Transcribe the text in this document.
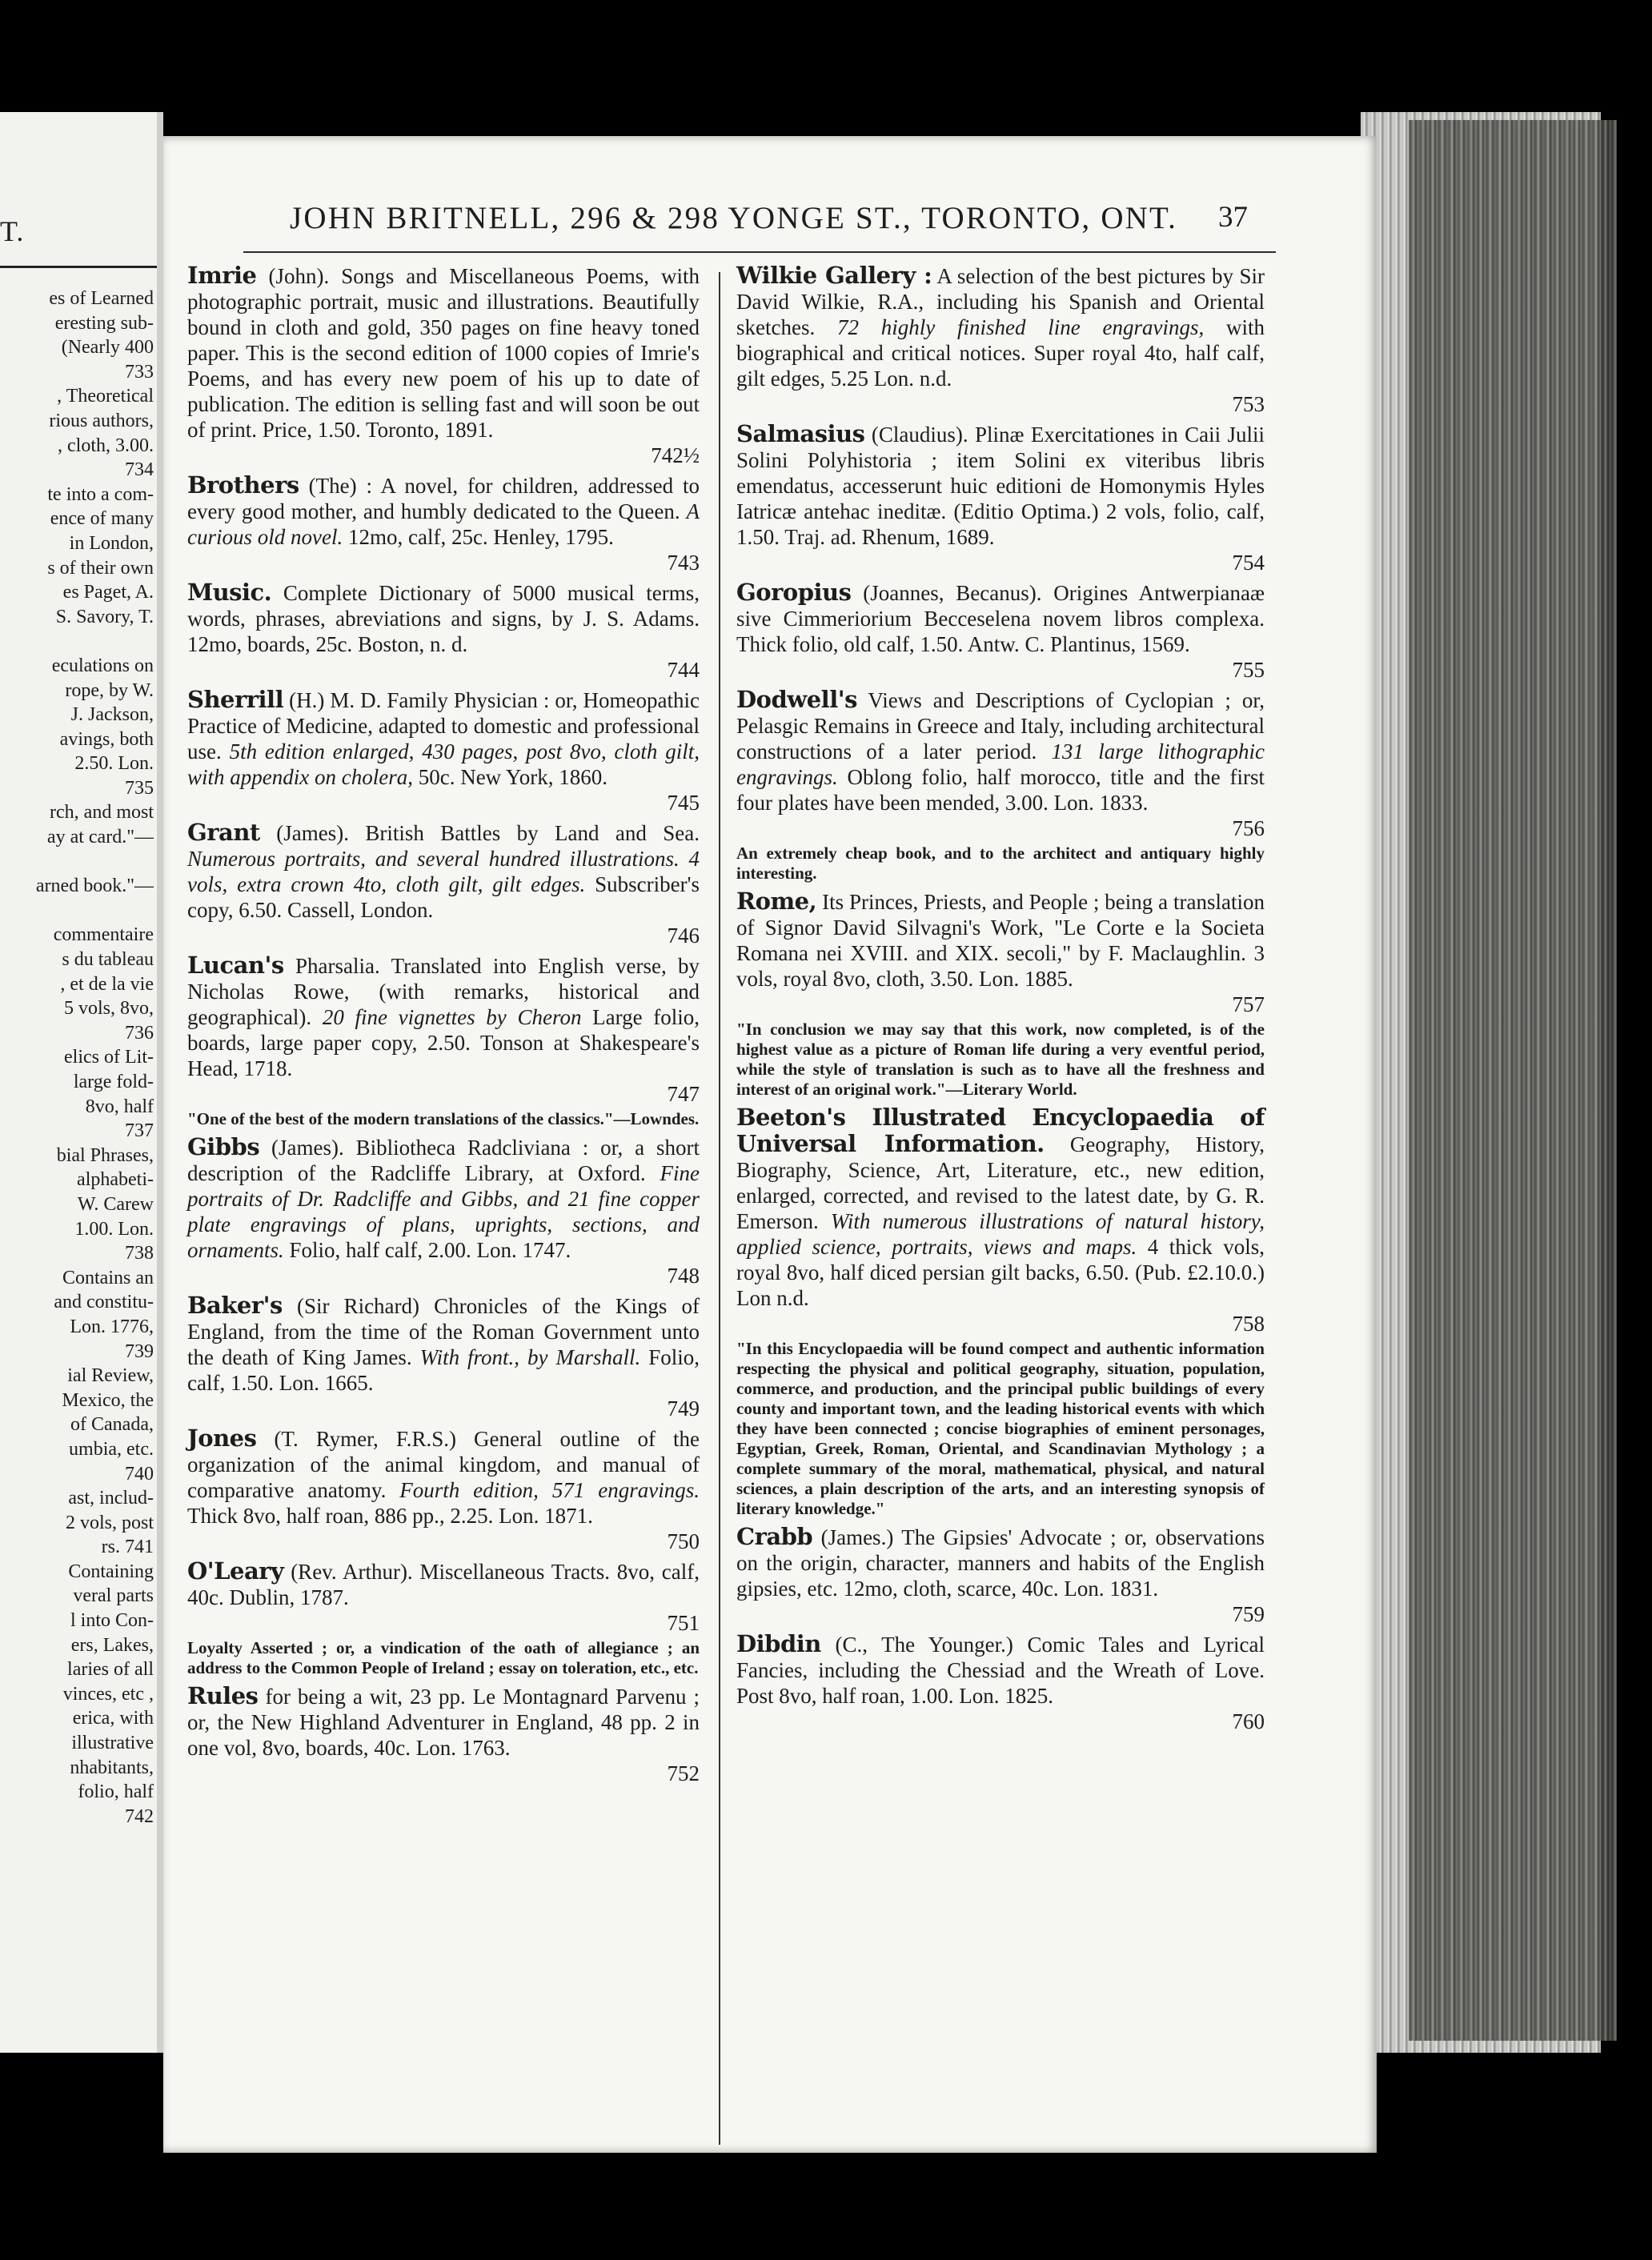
T.
es of Learned
eresting sub-
(Nearly 400
733
, Theoretical
rious authors,
, cloth, 3.00.
734
te into a com-
ence of many
in London,
s of their own
es Paget, A.
S. Savory, T.

eculations on
rope, by W.
J. Jackson,
avings, both
2.50. Lon.
735
rch, and most
ay at card."—

arned book."—

commentaire
s du tableau
, et de la vie
5 vols, 8vo,
736
elics of Lit-
large fold-
8vo, half
737
bial Phrases,
alphabeti-
W. Carew
1.00. Lon.
738
Contains an
and constitu-
Lon. 1776,
739
ial Review,
Mexico, the
of Canada,
umbia, etc.
740
ast, includ-
2 vols, post
rs. 741
Containing
veral parts
l into Con-
ers, Lakes,
laries of all
vinces, etc ,
erica, with
illustrative
nhabitants,
folio, half
742
JOHN BRITNELL, 296 & 298 YONGE ST., TORONTO, ONT. 37
Imrie (John). Songs and Miscellaneous Poems, with photographic portrait, music and illustrations. Beautifully bound in cloth and gold, 350 pages on fine heavy toned paper. This is the second edition of 1000 copies of Imrie's Poems, and has every new poem of his up to date of publication. The edition is selling fast and will soon be out of print. Price, 1.50. Toronto, 1891.
742½
Brothers (The) : A novel, for children, addressed to every good mother, and humbly dedicated to the Queen. A curious old novel. 12mo, calf, 25c. Henley, 1795.
743
Music. Complete Dictionary of 5000 musical terms, words, phrases, abreviations and signs, by J. S. Adams. 12mo, boards, 25c. Boston, n. d.
744
Sherrill (H.) M. D. Family Physician : or, Homeopathic Practice of Medicine, adapted to domestic and professional use. 5th edition enlarged, 430 pages, post 8vo, cloth gilt, with appendix on cholera, 50c. New York, 1860.
745
Grant (James). British Battles by Land and Sea. Numerous portraits, and several hundred illustrations. 4 vols, extra crown 4to, cloth gilt, gilt edges. Subscriber's copy, 6.50. Cassell, London.
746
Lucan's Pharsalia. Translated into English verse, by Nicholas Rowe, (with remarks, historical and geographical). 20 fine vignettes by Cheron Large folio, boards, large paper copy, 2.50. Tonson at Shakespeare's Head, 1718.
747
"One of the best of the modern translations of the classics."—Lowndes.
Gibbs (James). Bibliotheca Radcliviana : or, a short description of the Radcliffe Library, at Oxford. Fine portraits of Dr. Radcliffe and Gibbs, and 21 fine copper plate engravings of plans, uprights, sections, and ornaments. Folio, half calf, 2.00. Lon. 1747.
748
Baker's (Sir Richard) Chronicles of the Kings of England, from the time of the Roman Government unto the death of King James. With front., by Marshall. Folio, calf, 1.50. Lon. 1665.
749
Jones (T. Rymer, F.R.S.) General outline of the organization of the animal kingdom, and manual of comparative anatomy. Fourth edition, 571 engravings. Thick 8vo, half roan, 886 pp., 2.25. Lon. 1871.
750
O'Leary (Rev. Arthur). Miscellaneous Tracts. 8vo, calf, 40c. Dublin, 1787.
751
Loyalty Asserted ; or, a vindication of the oath of allegiance ; an address to the Common People of Ireland ; essay on toleration, etc., etc.
Rules for being a wit, 23 pp. Le Montagnard Parvenu ; or, the New Highland Adventurer in England, 48 pp. 2 in one vol, 8vo, boards, 40c. Lon. 1763.
752
Wilkie Gallery : A selection of the best pictures by Sir David Wilkie, R.A., including his Spanish and Oriental sketches. 72 highly finished line engravings, with biographical and critical notices. Super royal 4to, half calf, gilt edges, 5.25 Lon. n.d.
753
Salmasius (Claudius). Plinæ Exercitationes in Caii Julii Solini Polyhistoria ; item Solini ex viteribus libris emendatus, accesserunt huic editioni de Homonymis Hyles Iatricæ antehac ineditæ. (Editio Optima.) 2 vols, folio, calf, 1.50. Traj. ad. Rhenum, 1689.
754
Goropius (Joannes, Becanus). Origines Antwerpianaæ sive Cimmeriorium Becceselena novem libros complexa. Thick folio, old calf, 1.50. Antw. C. Plantinus, 1569.
755
Dodwell's Views and Descriptions of Cyclopian ; or, Pelasgic Remains in Greece and Italy, including architectural constructions of a later period. 131 large lithographic engravings. Oblong folio, half morocco, title and the first four plates have been mended, 3.00. Lon. 1833.
756
An extremely cheap book, and to the architect and antiquary highly interesting.
Rome, Its Princes, Priests, and People ; being a translation of Signor David Silvagni's Work, "Le Corte e la Societa Romana nei XVIII. and XIX. secoli," by F. Maclaughlin. 3 vols, royal 8vo, cloth, 3.50. Lon. 1885.
757
"In conclusion we may say that this work, now completed, is of the highest value as a picture of Roman life during a very eventful period, while the style of translation is such as to have all the freshness and interest of an original work."—Literary World.
Beeton's Illustrated Encyclopaedia of Universal Information. Geography, History, Biography, Science, Art, Literature, etc., new edition, enlarged, corrected, and revised to the latest date, by G. R. Emerson. With numerous illustrations of natural history, applied science, portraits, views and maps. 4 thick vols, royal 8vo, half diced persian gilt backs, 6.50. (Pub. £2.10.0.) Lon n.d.
758
"In this Encyclopaedia will be found compect and authentic information respecting the physical and political geography, situation, population, commerce, and production, and the principal public buildings of every county and important town, and the leading historical events with which they have been connected ; concise biographies of eminent personages, Egyptian, Greek, Roman, Oriental, and Scandinavian Mythology ; a complete summary of the moral, mathematical, physical, and natural sciences, a plain description of the arts, and an interesting synopsis of literary knowledge."
Crabb (James.) The Gipsies' Advocate ; or, observations on the origin, character, manners and habits of the English gipsies, etc. 12mo, cloth, scarce, 40c. Lon. 1831.
759
Dibdin (C., The Younger.) Comic Tales and Lyrical Fancies, including the Chessiad and the Wreath of Love. Post 8vo, half roan, 1.00. Lon. 1825.
760
